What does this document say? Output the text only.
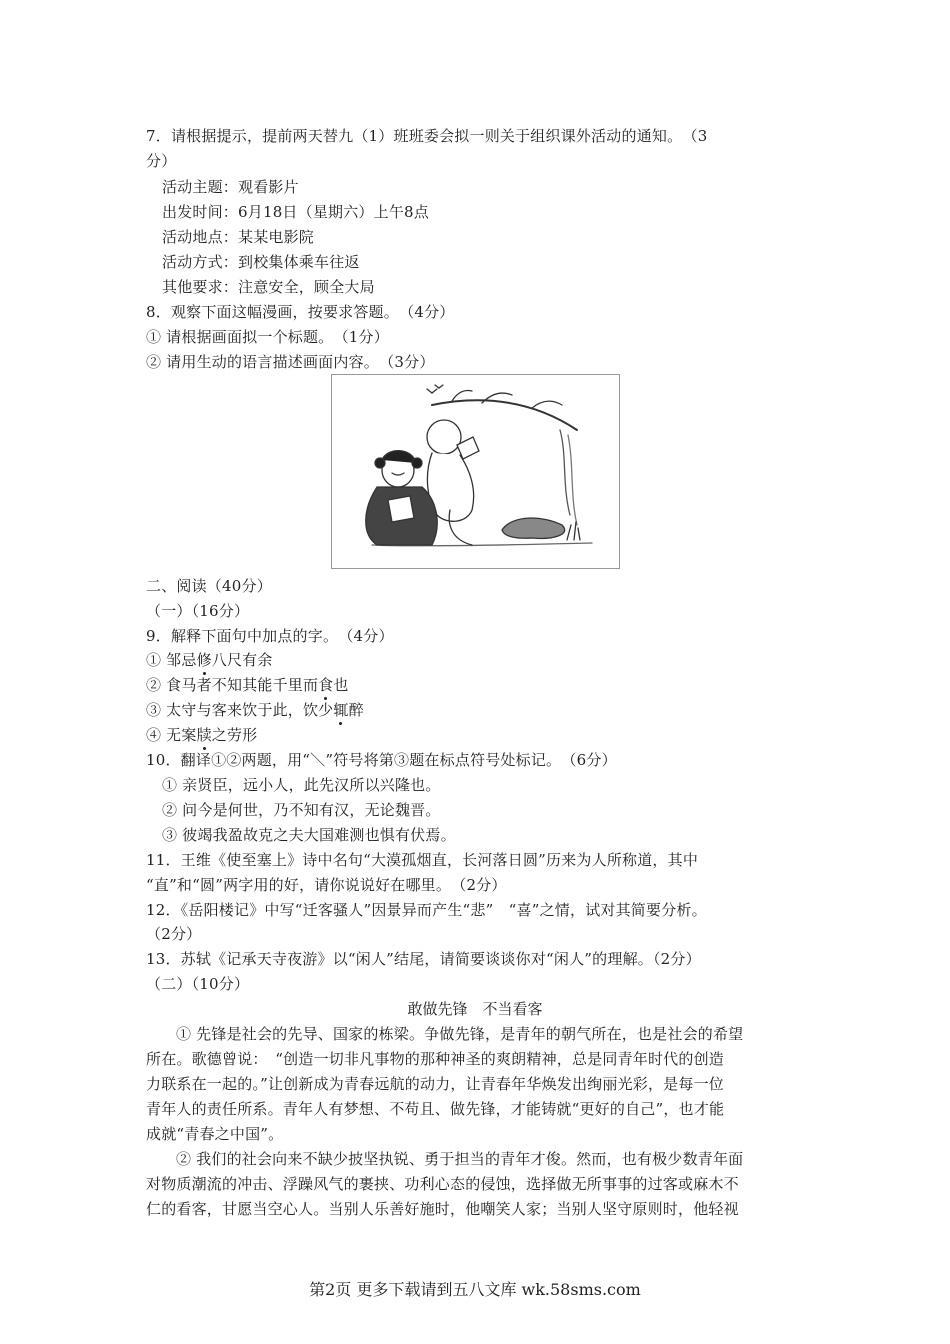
7．请根据提示，提前两天替九（1）班班委会拟一则关于组织课外活动的通知。　（3
分）
活动主题：观看影片
出发时间：6月18日（星期六）上午8点
活动地点：某某电影院
活动方式：到校集体乘车往返
其他要求：注意安全，顾全大局
8．观察下面这幅漫画，按要求答题。　（4分）
① 请根据画面拟一个标题。　（1分）
② 请用生动的语言描述画面内容。　（3分）
二、阅读（40分）
（一）（16分）
9．解释下面句中加点的字。　（4分）
① 邹忌修八尺有余
② 食马者不知其能千里而食也
③ 太守与客来饮于此，饮少辄醉
④ 无案牍之劳形
10．翻译①②两题，用“＼”符号将第③题在标点符号处标记。　（6分）
① 亲贤臣，远小人，此先汉所以兴隆也。
② 问今是何世，乃不知有汉，无论魏晋。
③ 彼竭我盈故克之夫大国难测也惧有伏焉。
11．王维《使至塞上》诗中名句“大漠孤烟直，长河落日圆”历来为人所称道，其中
“直”和“圆”两字用的好，请你说说好在哪里。　（2分）
12．《岳阳楼记》中写“迁客骚人”因景异而产生“悲”　“喜”之情，试对其简要分析。
（2分）
13．苏轼《记承天寺夜游》以“闲人”结尾，请简要谈谈你对“闲人”的理解。（2分）
（二）（10分）
敢做先锋　不当看客
① 先锋是社会的先导、国家的栋梁。争做先锋，是青年的朝气所在，也是社会的希望
所在。歌德曾说：　“创造一切非凡事物的那种神圣的爽朗精神，总是同青年时代的创造
力联系在一起的。”让创新成为青春远航的动力，让青春年华焕发出绚丽光彩，是每一位
青年人的责任所系。青年人有梦想、不苟且、做先锋，才能铸就“更好的自己”，也才能
成就“青春之中国”。
② 我们的社会向来不缺少披坚执锐、勇于担当的青年才俊。然而，也有极少数青年面
对物质潮流的冲击、浮躁风气的裹挟、功利心态的侵蚀，选择做无所事事的过客或麻木不
仁的看客，甘愿当空心人。当别人乐善好施时，他嘲笑人家；当别人坚守原则时，他轻视
第2页 更多下载请到五八文库 wk.58sms.com
